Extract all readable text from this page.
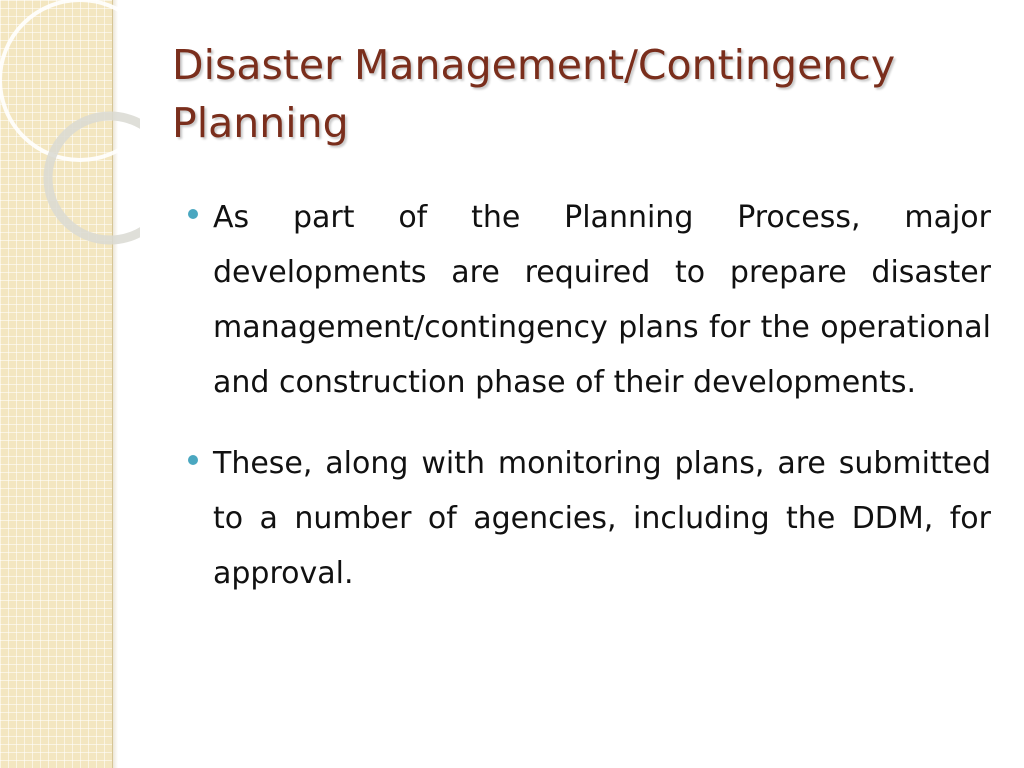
Disaster Management/Contingency Planning
As part of the Planning Process, major developments are required to prepare disaster management/contingency plans for the operational and construction phase of their developments.
These, along with monitoring plans, are submitted to a number of agencies, including the DDM, for approval.
